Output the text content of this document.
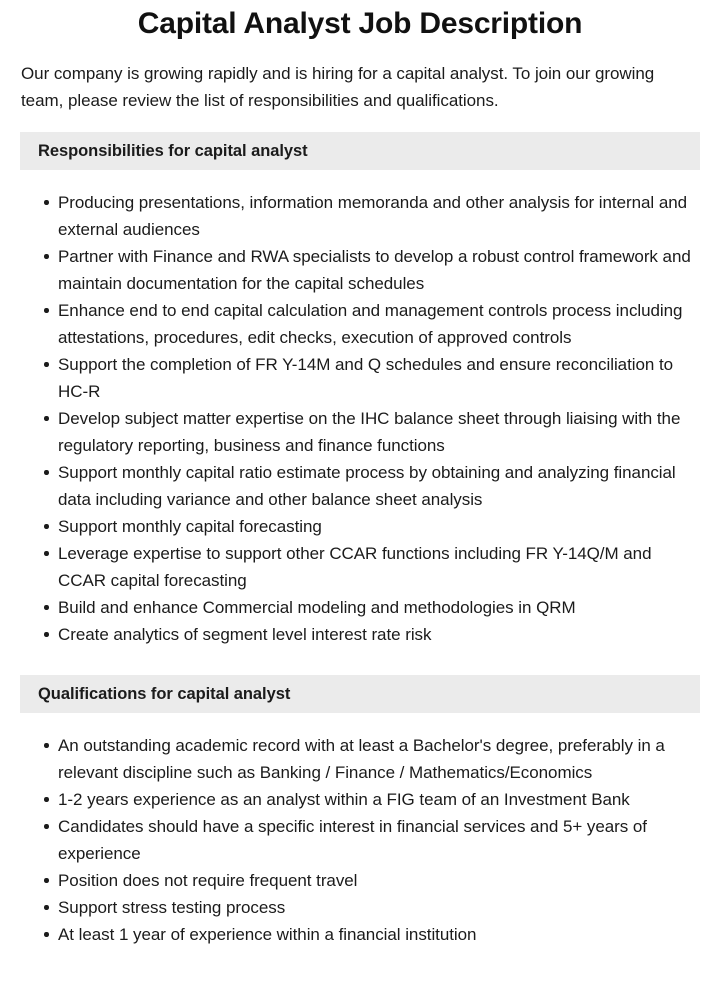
Capital Analyst Job Description

Our company is growing rapidly and is hiring for a capital analyst. To join our growing team, please review the list of responsibilities and qualifications.

Responsibilities for capital analyst
Producing presentations, information memoranda and other analysis for internal and external audiences
Partner with Finance and RWA specialists to develop a robust control framework and maintain documentation for the capital schedules
Enhance end to end capital calculation and management controls process including attestations, procedures, edit checks, execution of approved controls
Support the completion of FR Y-14M and Q schedules and ensure reconciliation to HC-R
Develop subject matter expertise on the IHC balance sheet through liaising with the regulatory reporting, business and finance functions
Support monthly capital ratio estimate process by obtaining and analyzing financial data including variance and other balance sheet analysis
Support monthly capital forecasting
Leverage expertise to support other CCAR functions including FR Y-14Q/M and CCAR capital forecasting
Build and enhance Commercial modeling and methodologies in QRM
Create analytics of segment level interest rate risk
Qualifications for capital analyst
An outstanding academic record with at least a Bachelor's degree, preferably in a relevant discipline such as Banking / Finance / Mathematics/Economics
1-2 years experience as an analyst within a FIG team of an Investment Bank
Candidates should have a specific interest in financial services and 5+ years of experience
Position does not require frequent travel
Support stress testing process
At least 1 year of experience within a financial institution
